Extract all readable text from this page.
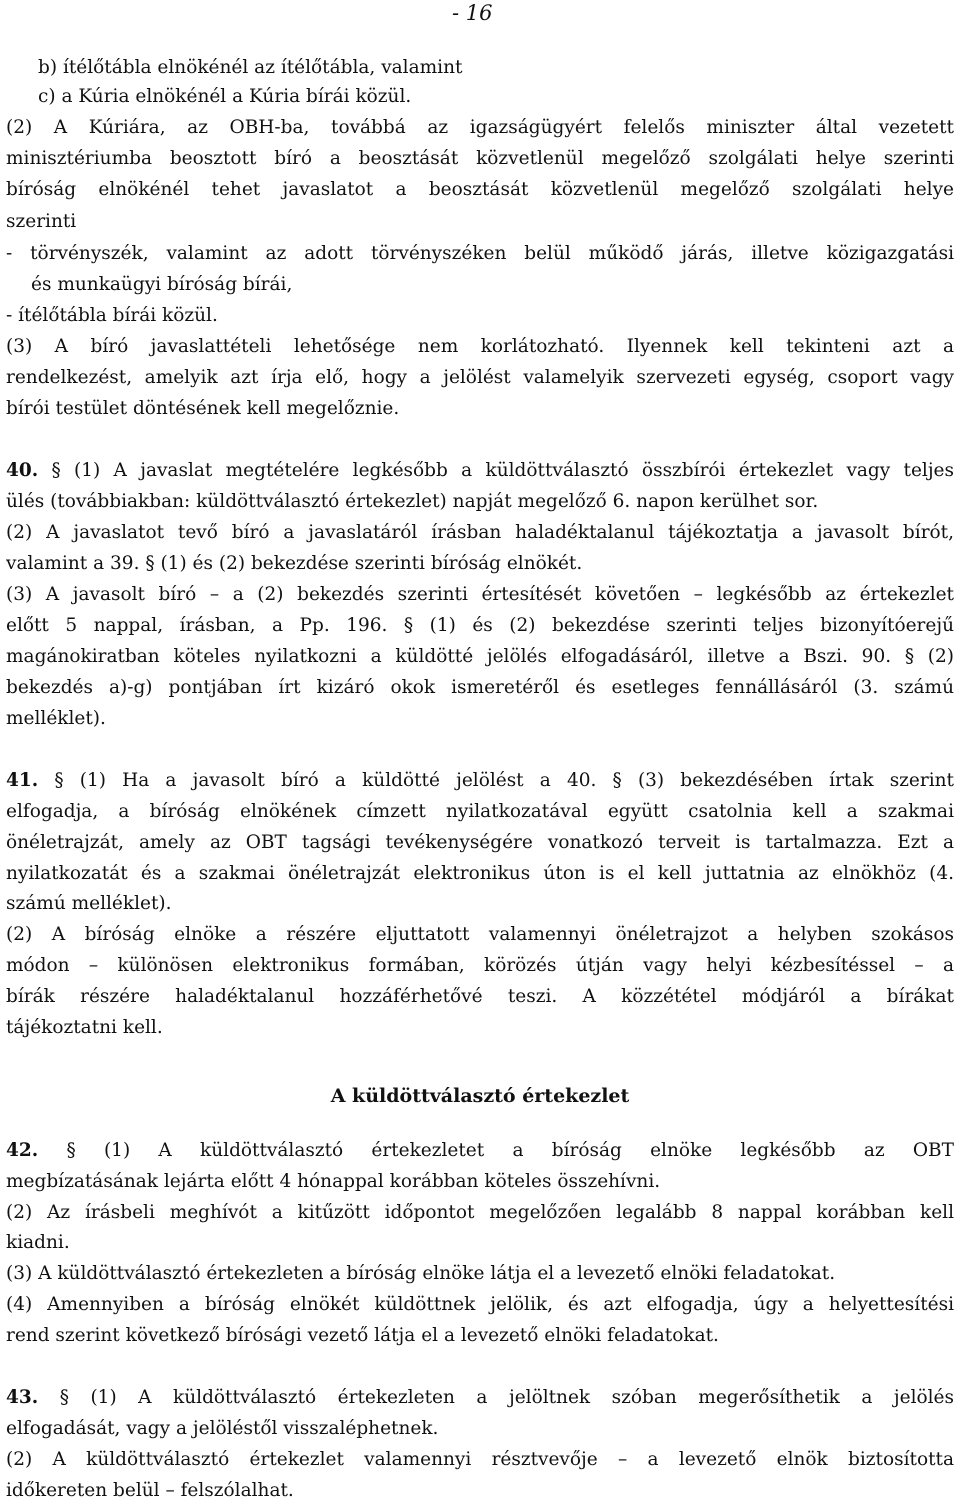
- 16
b) ítélőtábla elnökénél az ítélőtábla, valamint
c) a Kúria elnökénél a Kúria bírái közül.
(2) A Kúriára, az OBH-ba, továbbá az igazságügyért felelős miniszter által vezetett
minisztériumba beosztott bíró a beosztását közvetlenül megelőző szolgálati helye szerinti
bíróság elnökénél tehet javaslatot a beosztását közvetlenül megelőző szolgálati helye
szerinti
- törvényszék, valamint az adott törvényszéken belül működő járás, illetve közigazgatási
és munkaügyi bíróság bírái,
- ítélőtábla bírái közül.
(3) A bíró javaslattételi lehetősége nem korlátozható. Ilyennek kell tekinteni azt a
rendelkezést, amelyik azt írja elő, hogy a jelölést valamelyik szervezeti egység, csoport vagy
bírói testület döntésének kell megelőznie.
40. § (1) A javaslat megtételére legkésőbb a küldöttválasztó összbírói értekezlet vagy teljes
ülés (továbbiakban: küldöttválasztó értekezlet) napját megelőző 6. napon kerülhet sor.
(2) A javaslatot tevő bíró a javaslatáról írásban haladéktalanul tájékoztatja a javasolt bírót,
valamint a 39. § (1) és (2) bekezdése szerinti bíróság elnökét.
(3) A javasolt bíró – a (2) bekezdés szerinti értesítését követően – legkésőbb az értekezlet
előtt 5 nappal, írásban, a Pp. 196. § (1) és (2) bekezdése szerinti teljes bizonyítóerejű
magánokiratban köteles nyilatkozni a küldötté jelölés elfogadásáról, illetve a Bszi. 90. § (2)
bekezdés a)-g) pontjában írt kizáró okok ismeretéről és esetleges fennállásáról (3. számú
melléklet).
41. § (1) Ha a javasolt bíró a küldötté jelölést a 40. § (3) bekezdésében írtak szerint
elfogadja, a bíróság elnökének címzett nyilatkozatával együtt csatolnia kell a szakmai
önéletrajzát, amely az OBT tagsági tevékenységére vonatkozó terveit is tartalmazza. Ezt a
nyilatkozatát és a szakmai önéletrajzát elektronikus úton is el kell juttatnia az elnökhöz (4.
számú melléklet).
(2) A bíróság elnöke a részére eljuttatott valamennyi önéletrajzot a helyben szokásos
módon – különösen elektronikus formában, körözés útján vagy helyi kézbesítéssel – a
bírák részére haladéktalanul hozzáférhetővé teszi. A közzététel módjáról a bírákat
tájékoztatni kell.
42. § (1) A küldöttválasztó értekezletet a bíróság elnöke legkésőbb az OBT
megbízatásának lejárta előtt 4 hónappal korábban köteles összehívni.
(2) Az írásbeli meghívót a kitűzött időpontot megelőzően legalább 8 nappal korábban kell
kiadni.
(3) A küldöttválasztó értekezleten a bíróság elnöke látja el a levezető elnöki feladatokat.
(4) Amennyiben a bíróság elnökét küldöttnek jelölik, és azt elfogadja, úgy a helyettesítési
rend szerint következő bírósági vezető látja el a levezető elnöki feladatokat.
43. § (1) A küldöttválasztó értekezleten a jelöltnek szóban megerősíthetik a jelölés
elfogadását, vagy a jelöléstől visszaléphetnek.
(2) A küldöttválasztó értekezlet valamennyi résztvevője – a levezető elnök biztosította
időkereten belül – felszólalhat.
A küldöttválasztó értekezlet
